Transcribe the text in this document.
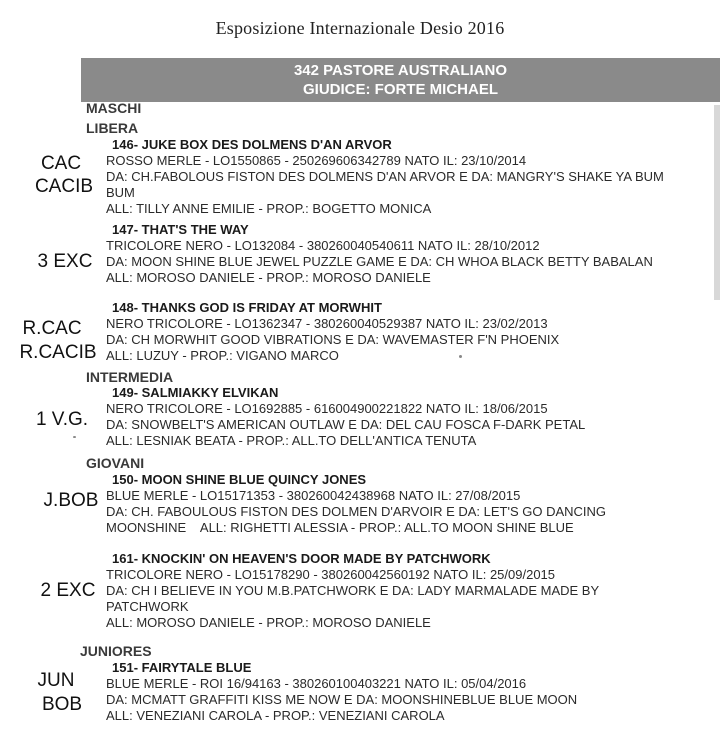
Esposizione Internazionale Desio 2016
342 PASTORE AUSTRALIANO
GIUDICE: FORTE MICHAEL
MASCHI
LIBERA
INTERMEDIA
GIOVANI
JUNIORES
146- JUKE BOX DES DOLMENS D'AN ARVOR
ROSSO MERLE - LO1550865 - 250269606342789 NATO IL: 23/10/2014
DA: CH.FABOLOUS FISTON DES DOLMENS D'AN ARVOR E DA: MANGRY'S SHAKE YA BUM BUM
ALL: TILLY ANNE EMILIE - PROP.: BOGETTO MONICA
CAC
CACIB
147- THAT'S THE WAY
TRICOLORE NERO - LO132084 - 380260040540611 NATO IL: 28/10/2012
DA: MOON SHINE BLUE JEWEL PUZZLE GAME E DA: CH WHOA BLACK BETTY BABALAN
ALL: MOROSO DANIELE - PROP.: MOROSO DANIELE
3 EXC
148- THANKS GOD IS FRIDAY AT MORWHIT
NERO TRICOLORE - LO1362347 - 380260040529387 NATO IL: 23/02/2013
DA: CH MORWHIT GOOD VIBRATIONS E DA: WAVEMASTER F'N PHOENIX
ALL: LUZUY - PROP.: VIGANO MARCO
R.CAC
R.CACIB
149- SALMIAKKY ELVIKAN
NERO TRICOLORE - LO1692885 - 616004900221822 NATO IL: 18/06/2015
DA: SNOWBELT'S AMERICAN OUTLAW E DA: DEL CAU FOSCA F-DARK PETAL
ALL: LESNIAK BEATA - PROP.: ALL.TO DELL'ANTICA TENUTA
1 V.G.
150- MOON SHINE BLUE QUINCY JONES
BLUE MERLE - LO15171353 - 380260042438968 NATO IL: 27/08/2015
DA: CH. FABOULOUS FISTON DES DOLMEN D'ARVOIR E DA: LET'S GO DANCING
MOONSHINE    ALL: RIGHETTI ALESSIA - PROP.: ALL.TO MOON SHINE BLUE
J.BOB
161- KNOCKIN' ON HEAVEN'S DOOR MADE BY PATCHWORK
TRICOLORE NERO - LO15178290 - 380260042560192 NATO IL: 25/09/2015
DA: CH I BELIEVE IN YOU M.B.PATCHWORK E DA: LADY MARMALADE MADE BY PATCHWORK
ALL: MOROSO DANIELE - PROP.: MOROSO DANIELE
2 EXC
151- FAIRYTALE BLUE
BLUE MERLE - ROI 16/94163 - 380260100403221 NATO IL: 05/04/2016
DA: MCMATT GRAFFITI KISS ME NOW E DA: MOONSHINEBLUE BLUE MOON
ALL: VENEZIANI CAROLA - PROP.: VENEZIANI CAROLA
JUN
BOB
